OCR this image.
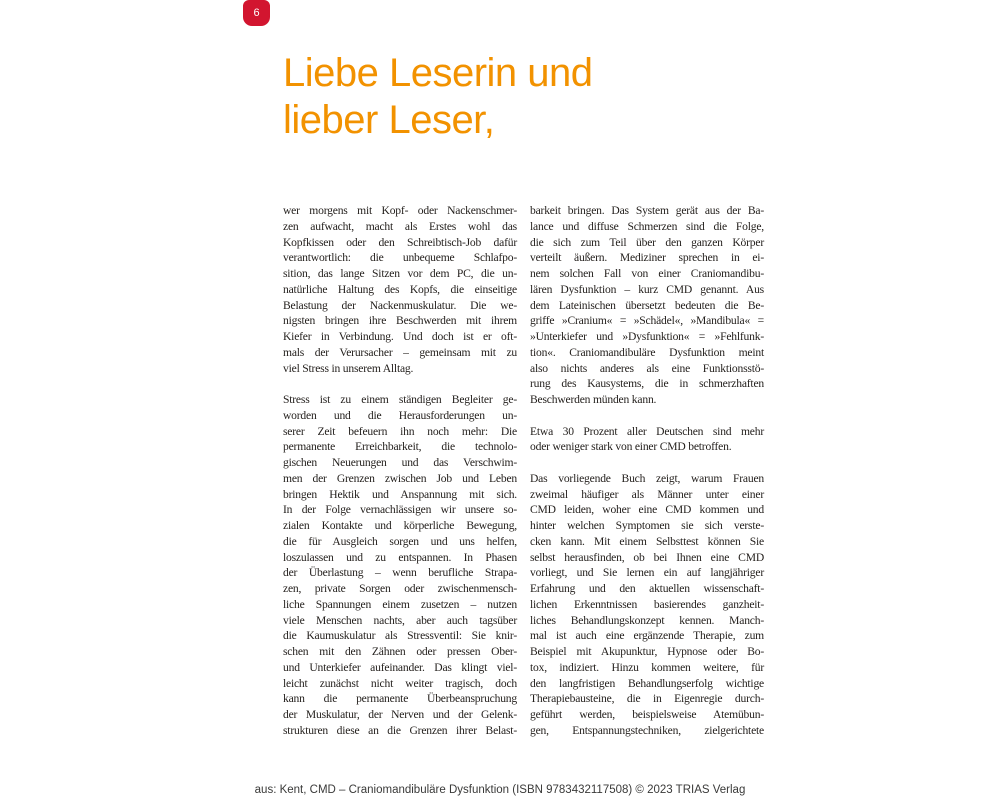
6
Liebe Leserin und
lieber Leser,
wer morgens mit Kopf- oder Nackenschmer-
zen aufwacht, macht als Erstes wohl das
Kopfkissen oder den Schreibtisch-Job dafür
verantwortlich: die unbequeme Schlafpo-
sition, das lange Sitzen vor dem PC, die un-
natürliche Haltung des Kopfs, die einseitige
Belastung der Nackenmuskulatur. Die we-
nigsten bringen ihre Beschwerden mit ihrem
Kiefer in Verbindung. Und doch ist er oft-
mals der Verursacher – gemeinsam mit zu
viel Stress in unserem Alltag.
Stress ist zu einem ständigen Begleiter ge-
worden und die Herausforderungen un-
serer Zeit befeuern ihn noch mehr: Die
permanente Erreichbarkeit, die technolo-
gischen Neuerungen und das Verschwim-
men der Grenzen zwischen Job und Leben
bringen Hektik und Anspannung mit sich.
In der Folge vernachlässigen wir unsere so-
zialen Kontakte und körperliche Bewegung,
die für Ausgleich sorgen und uns helfen,
loszulassen und zu entspannen. In Phasen
der Überlastung – wenn berufliche Strapa-
zen, private Sorgen oder zwischenmensch-
liche Spannungen einem zusetzen – nutzen
viele Menschen nachts, aber auch tagsüber
die Kaumuskulatur als Stressventil: Sie knir-
schen mit den Zähnen oder pressen Ober-
und Unterkiefer aufeinander. Das klingt viel-
leicht zunächst nicht weiter tragisch, doch
kann die permanente Überbeanspruchung
der Muskulatur, der Nerven und der Gelenk-
strukturen diese an die Grenzen ihrer Belast-
barkeit bringen. Das System gerät aus der Ba-
lance und diffuse Schmerzen sind die Folge,
die sich zum Teil über den ganzen Körper
verteilt äußern. Mediziner sprechen in ei-
nem solchen Fall von einer Craniomandibu-
lären Dysfunktion – kurz CMD genannt. Aus
dem Lateinischen übersetzt bedeuten die Be-
griffe »Cranium« = »Schädel«, »Mandibula« =
»Unterkiefer und »Dysfunktion« = »Fehlfunk-
tion«. Craniomandibuläre Dysfunktion meint
also nichts anderes als eine Funktionsstö-
rung des Kausystems, die in schmerzhaften
Beschwerden münden kann.
Etwa 30 Prozent aller Deutschen sind mehr
oder weniger stark von einer CMD betroffen.
Das vorliegende Buch zeigt, warum Frauen
zweimal häufiger als Männer unter einer
CMD leiden, woher eine CMD kommen und
hinter welchen Symptomen sie sich verste-
cken kann. Mit einem Selbsttest können Sie
selbst herausfinden, ob bei Ihnen eine CMD
vorliegt, und Sie lernen ein auf langjähriger
Erfahrung und den aktuellen wissenschaft-
lichen Erkenntnissen basierendes ganzheit-
liches Behandlungskonzept kennen. Manch-
mal ist auch eine ergänzende Therapie, zum
Beispiel mit Akupunktur, Hypnose oder Bo-
tox, indiziert. Hinzu kommen weitere, für
den langfristigen Behandlungserfolg wichtige
Therapiebausteine, die in Eigenregie durch-
geführt werden, beispielsweise Atemübun-
gen, Entspannungstechniken, zielgerichtete
aus: Kent, CMD – Craniomandibuläre Dysfunktion (ISBN 9783432117508) © 2023 TRIAS Verlag
